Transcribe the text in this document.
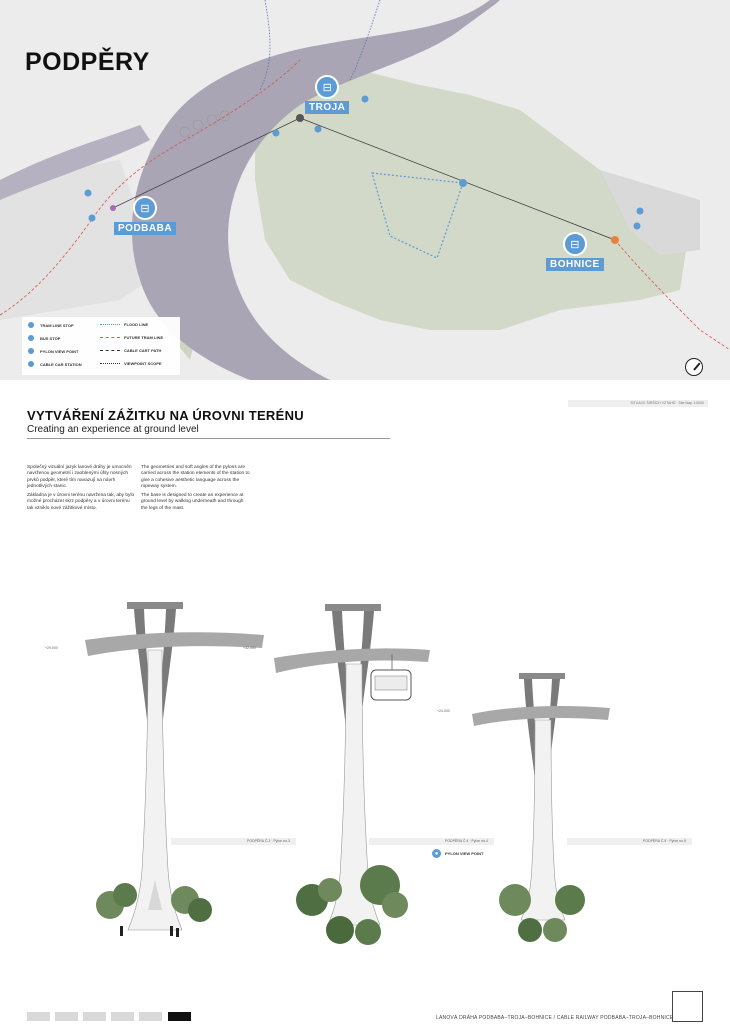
PODPĚRY
⊟
TROJA
⊟
PODBABA
⊟
BOHNICE
TRAM LINE STOP
BUS STOP
PYLON VIEW POINT
CABLE CAR STATION
FLOOD LINE
FUTURE TRAM LINE
CABLE CART PATH
VIEWPOINT SCOPE
SITUACE ŠIRŠÍCH VZTAHŮ · Site Map 1:5000
VYTVÁŘENÍ ZÁŽITKU NA ÚROVNI TERÉNU
Creating an experience at ground level

Společný vizuální jazyk lanové dráhy je umocněn navrženou geometrií i zaoblenými úhly nosných prvků podpěr, které tím navazují na návrh jednotlivých stanic.

Základna je v úrovni terénu navržena tak, aby bylo možné procházet skrz podpěry a v úrovni terénu tak vzniklo nové zážitkové místo.

The geometries and soft angles of the pylons are carried across the station elements of the station to give a cohesive aesthetic language across the ropeway system.

The base is designed to create an experience at ground level by walking underneath and through the legs of the mast.

+29.000	+32.000
+24.000
PODPĚRA Č.3 · Pylon no.3	PODPĚRA Č.4 · Pylon no.4	PODPĚRA Č.5 · Pylon no.5
●	PYLON VIEW POINT
LANOVÁ DRÁHA PODBABA–TROJA–BOHNICE / CABLE RAILWAY PODBABA–TROJA–BOHNICE
